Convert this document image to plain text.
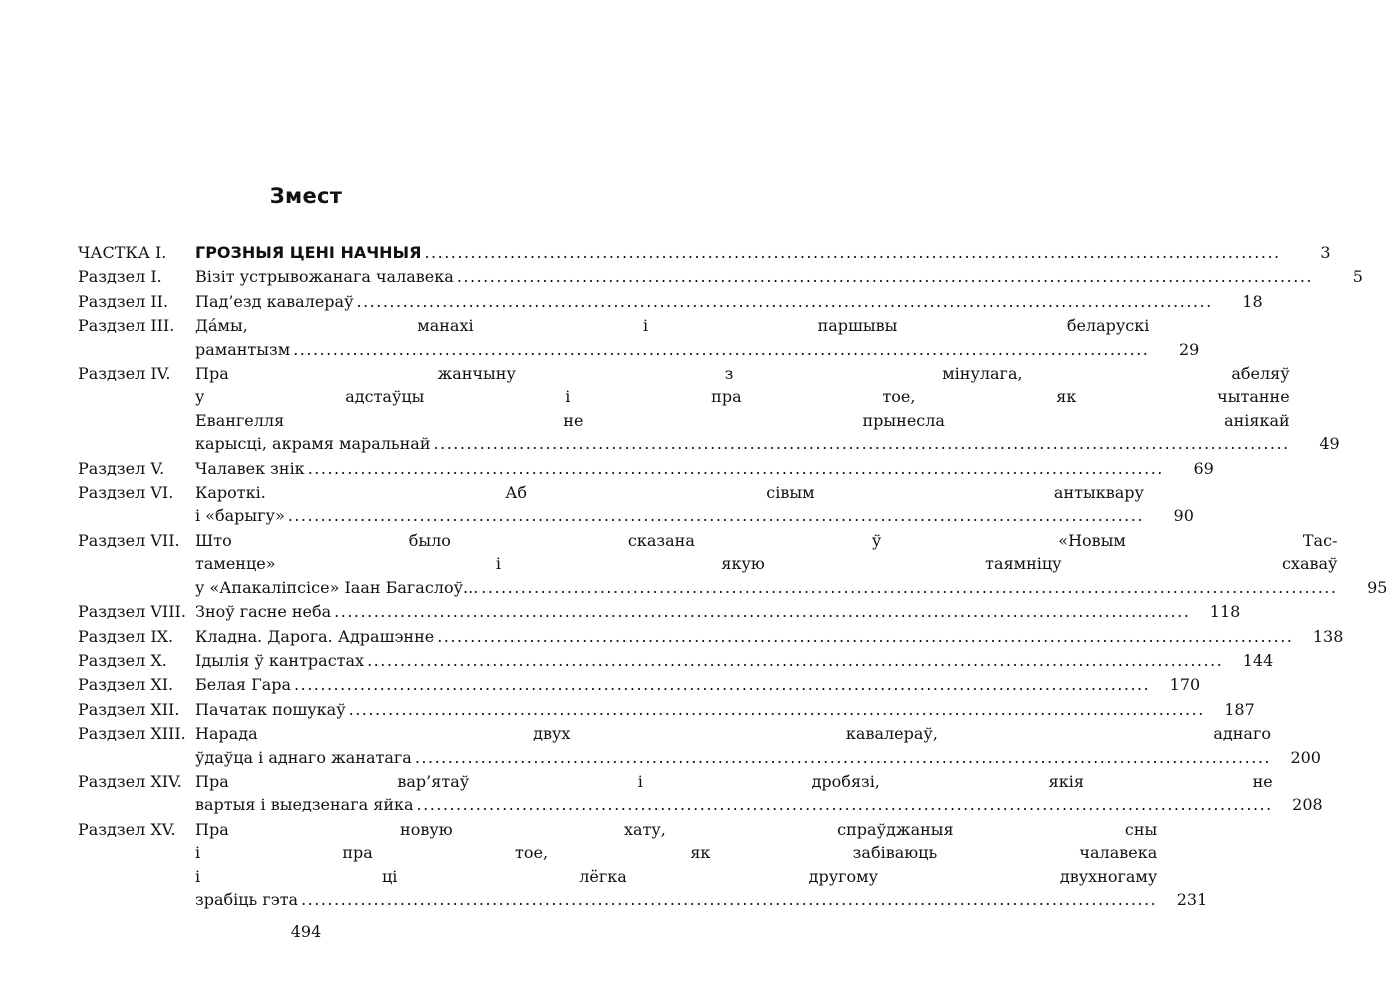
Змест
ЧАСТКА І.	ГРОЗНЫЯ ЦЕНІ НАЧНЫЯ ..................................................................................................................................	3
Раздзел І.	Візіт устрывожанага чалавека ..................................................................................................................................	5
Раздзел ІІ.	Пад’езд кавалераў ..................................................................................................................................	18
Раздзел ІІІ.	Да́мы, манахі і паршывы беларускі
рамантызм ..................................................................................................................................	29
Раздзел IV.	Пра жанчыну з мінулага, абеляў
у адстаўцы і пра тое, як чытанне
Евангелля не прынесла аніякай
карысці, акрамя маральнай ..................................................................................................................................	49
Раздзел V.	Чалавек знік ..................................................................................................................................	69
Раздзел VI.	Кароткі. Аб сівым антыквару
і «барыгу» ..................................................................................................................................	90
Раздзел VII. Што было сказана ў «Новым Тас-
таменце» і якую таямніцу схаваў
у «Апакаліпсісе» Іаан Багаслоў... ..................................................................................................................................	95
Раздзел VIII. Зноў гасне неба ..................................................................................................................................	118
Раздзел IX.	Кладна. Дарога. Адрашэнне ..................................................................................................................................	138
Раздзел X.	Ідылія ў кантрастах ..................................................................................................................................	144
Раздзел XI.	Белая Гара ..................................................................................................................................	170
Раздзел XII. Пачатак пошукаў ..................................................................................................................................	187
Раздзел XIII. Нарада двух кавалераў, аднаго
ўдаўца і аднаго жанатага ..................................................................................................................................	200
Раздзел XIV. Пра вар’ятаў і дробязі, якія не
вартыя і выедзенага яйка ..................................................................................................................................	208
Раздзел XV.	Пра новую хату, спраўджаныя сны
і пра тое, як забіваюць чалавека
і ці лёгка другому двухногаму
зрабіць гэта ..................................................................................................................................	231
494
